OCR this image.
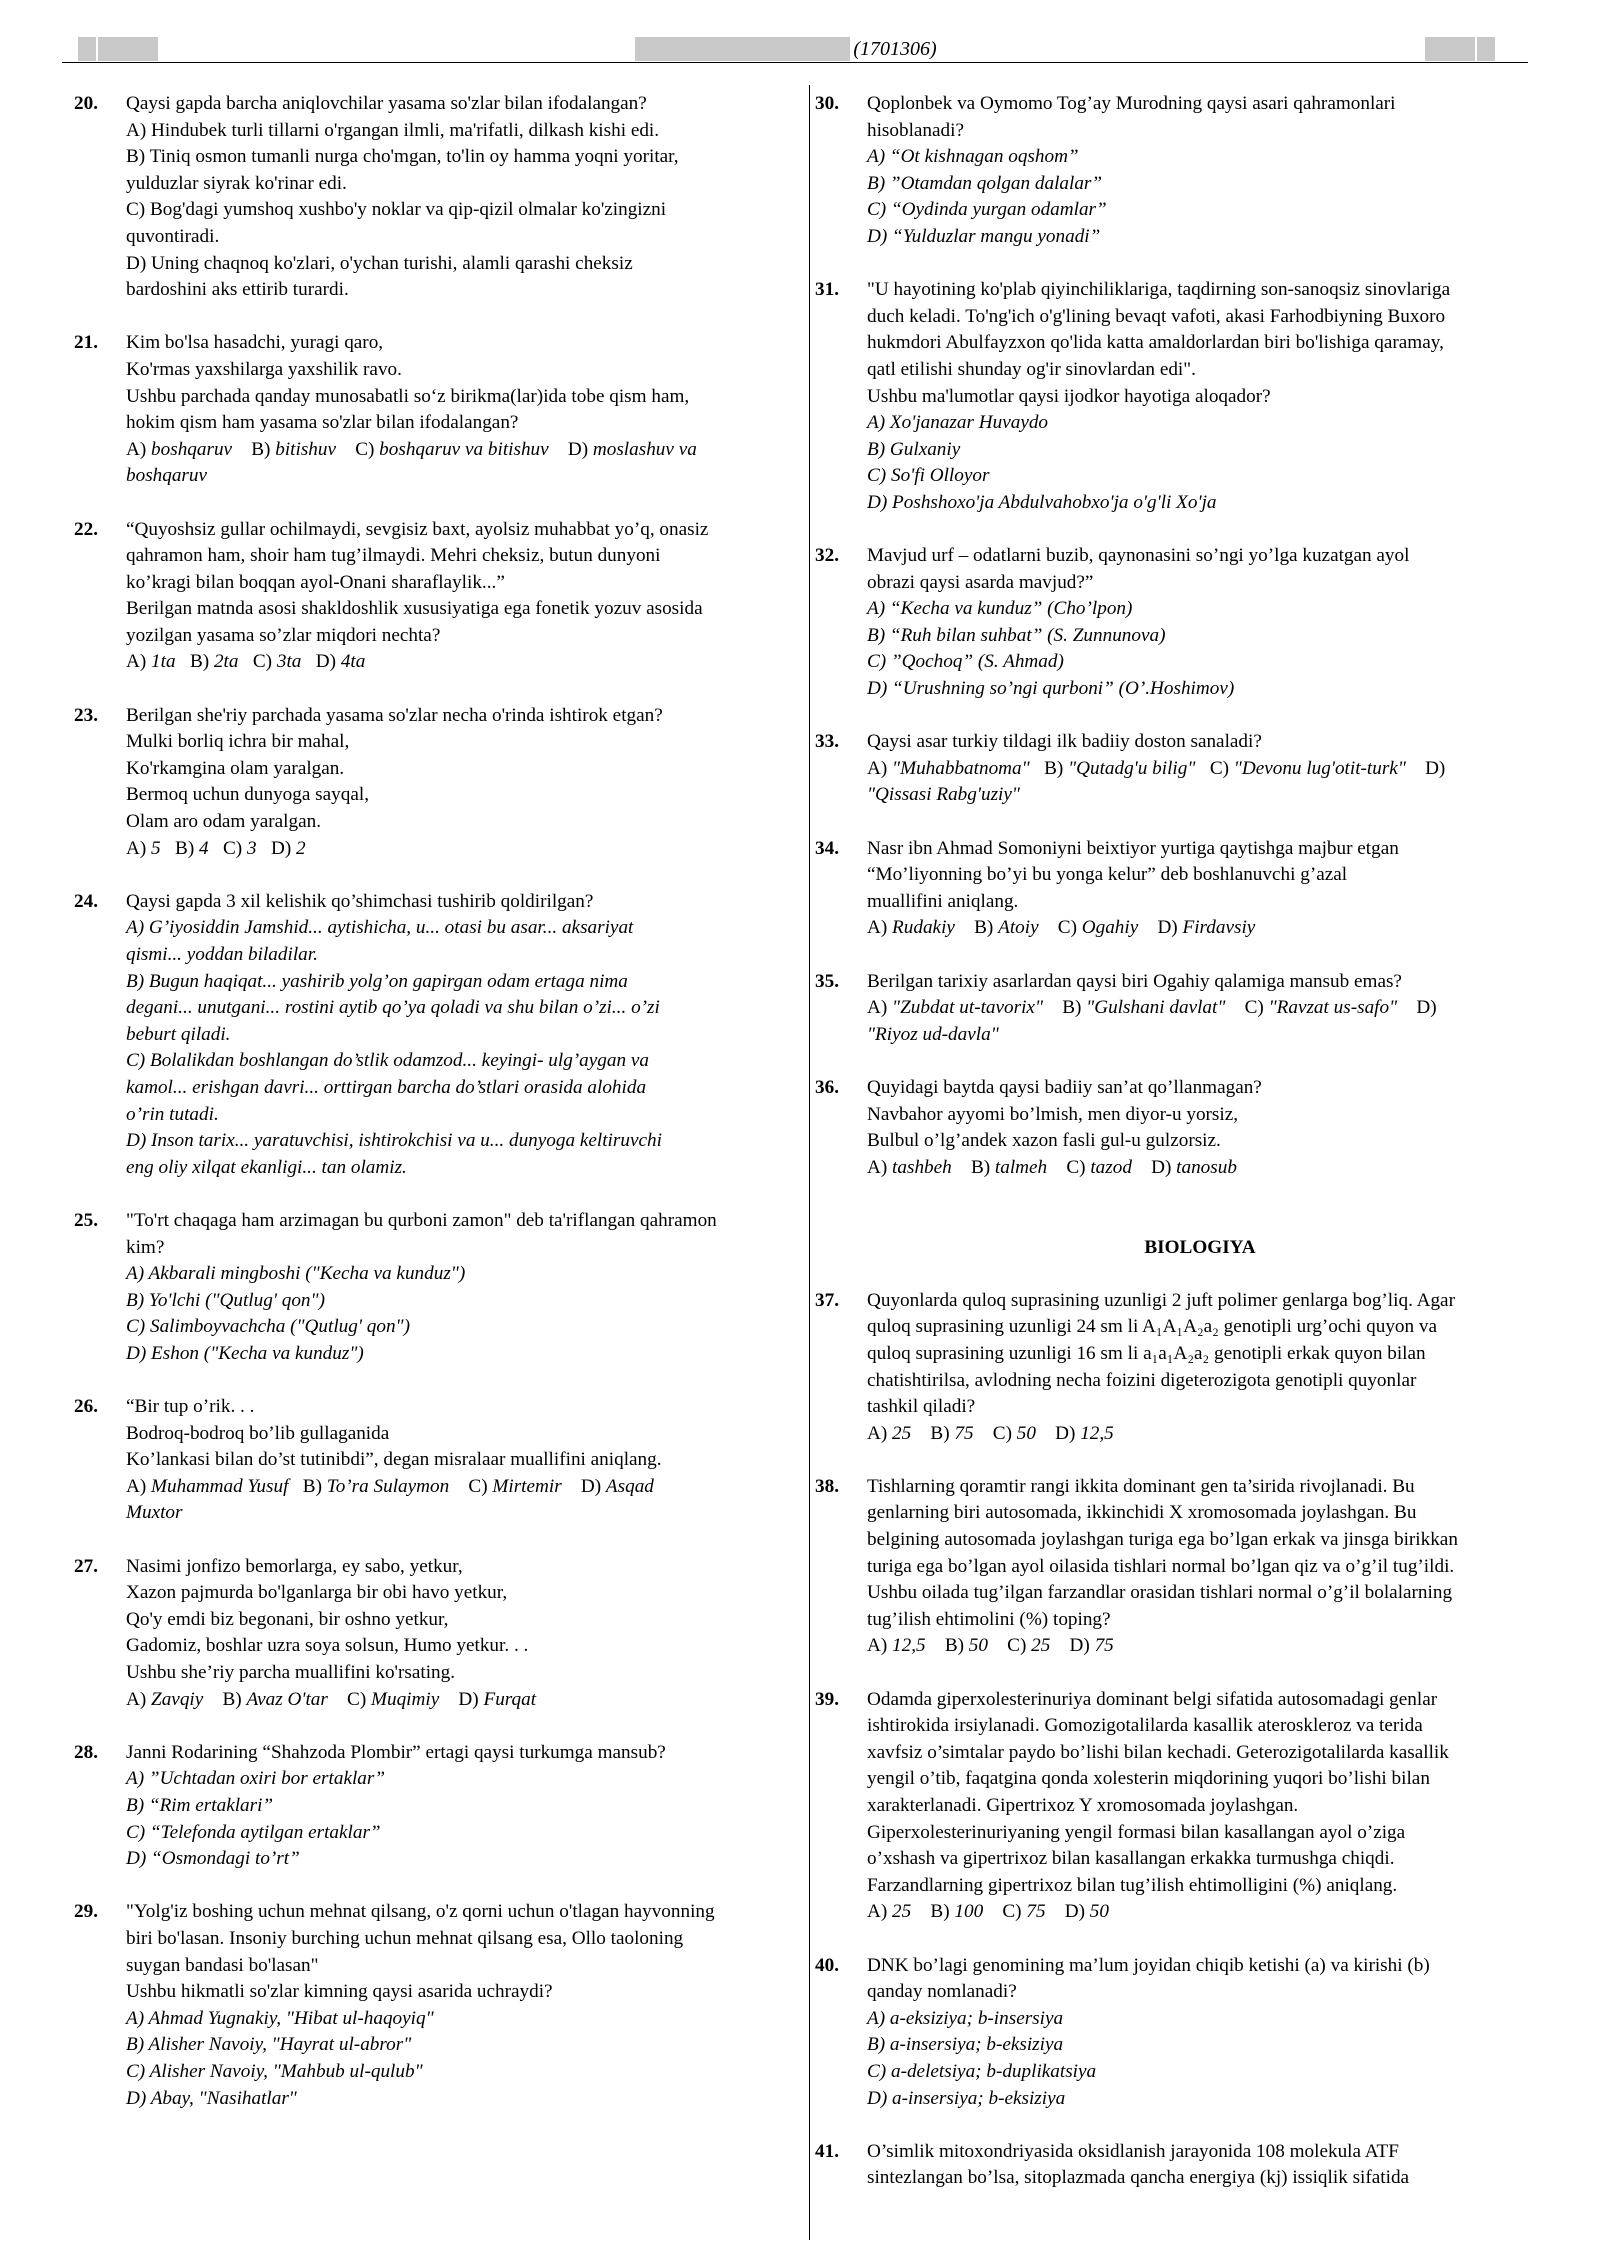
(1701306)
20.	Qaysi gapda barcha aniqlovchilar yasama so'zlar bilan ifodalangan?
A) Hindubek turli tillarni o'rgangan ilmli, ma'rifatli, dilkash kishi edi.
B) Tiniq osmon tumanli nurga cho'mgan, to'lin oy hamma yoqni yoritar,
yulduzlar siyrak ko'rinar edi.
C) Bog'dagi yumshoq xushbo'y noklar va qip-qizil olmalar ko'zingizni
quvontiradi.
D) Uning chaqnoq ko'zlari, o'ychan turishi, alamli qarashi cheksiz
bardoshini aks ettirib turardi.
21.	Kim bo'lsa hasadchi, yuragi qaro,
Ko'rmas yaxshilarga yaxshilik ravo.
Ushbu parchada qanday munosabatli so‘z birikma(lar)ida tobe qism ham,
hokim qism ham yasama so'zlar bilan ifodalangan?
A) boshqaruv B) bitishuv C) boshqaruv va bitishuv D) moslashuv va
boshqaruv
22.	“Quyoshsiz gullar ochilmaydi, sevgisiz baxt, ayolsiz muhabbat yo’q, onasiz
qahramon ham, shoir ham tug’ilmaydi. Mehri cheksiz, butun dunyoni
ko’kragi bilan boqqan ayol-Onani sharaflaylik...”
Berilgan matnda asosi shakldoshlik xususiyatiga ega fonetik yozuv asosida
yozilgan yasama so’zlar miqdori nechta?
A) 1ta B) 2ta C) 3ta D) 4ta
23.	Berilgan she'riy parchada yasama so'zlar necha o'rinda ishtirok etgan?
Mulki borliq ichra bir mahal,
Ko'rkamgina olam yaralgan.
Bermoq uchun dunyoga sayqal,
Olam aro odam yaralgan.
A) 5 B) 4 C) 3 D) 2
24.	Qaysi gapda 3 xil kelishik qo’shimchasi tushirib qoldirilgan?
A) G’iyosiddin Jamshid... aytishicha, u... otasi bu asar... aksariyat
qismi... yoddan biladilar.
B) Bugun haqiqat... yashirib yolg’on gapirgan odam ertaga nima
degani... unutgani... rostini aytib qo’ya qoladi va shu bilan o’zi... o’zi
beburt qiladi.
C) Bolalikdan boshlangan do’stlik odamzod... keyingi- ulg’aygan va
kamol... erishgan davri... orttirgan barcha do’stlari orasida alohida
o’rin tutadi.
D) Inson tarix... yaratuvchisi, ishtirokchisi va u... dunyoga keltiruvchi
eng oliy xilqat ekanligi... tan olamiz.
25.	"To'rt chaqaga ham arzimagan bu qurboni zamon" deb ta'riflangan qahramon
kim?
A) Akbarali mingboshi ("Kecha va kunduz")
B) Yo'lchi ("Qutlug' qon")
C) Salimboyvachcha ("Qutlug' qon")
D) Eshon ("Kecha va kunduz")
26.	“Bir tup o’rik. . .
Bodroq-bodroq bo’lib gullaganida
Ko’lankasi bilan do’st tutinibdi”, degan misralaar muallifini aniqlang.
A) Muhammad Yusuf B) To’ra Sulaymon C) Mirtemir D) Asqad
Muxtor
27.	Nasimi jonfizo bemorlarga, ey sabo, yetkur,
Xazon pajmurda bo'lganlarga bir obi havo yetkur,
Qo'y emdi biz begonani, bir oshno yetkur,
Gadomiz, boshlar uzra soya solsun, Humo yetkur. . .
Ushbu she’riy parcha muallifini ko'rsating.
A) Zavqiy B) Avaz O'tar C) Muqimiy D) Furqat
28.	Janni Rodarining “Shahzoda Plombir” ertagi qaysi turkumga mansub?
A) ”Uchtadan oxiri bor ertaklar”
B) “Rim ertaklari”
C) “Telefonda aytilgan ertaklar”
D) “Osmondagi to’rt”
29.	"Yolg'iz boshing uchun mehnat qilsang, o'z qorni uchun o'tlagan hayvonning
biri bo'lasan. Insoniy burching uchun mehnat qilsang esa, Ollo taoloning
suygan bandasi bo'lasan"
Ushbu hikmatli so'zlar kimning qaysi asarida uchraydi?
A) Ahmad Yugnakiy, "Hibat ul-haqoyiq"
B) Alisher Navoiy, "Hayrat ul-abror"
C) Alisher Navoiy, "Mahbub ul-qulub"
D) Abay, "Nasihatlar"
30.	Qoplonbek va Oymomo Tog’ay Murodning qaysi asari qahramonlari
hisoblanadi?
A) “Ot kishnagan oqshom”
B) ”Otamdan qolgan dalalar”
C) “Oydinda yurgan odamlar”
D) “Yulduzlar mangu yonadi”
31.	"U hayotining ko'plab qiyinchiliklariga, taqdirning son-sanoqsiz sinovlariga
duch keladi. To'ng'ich o'g'lining bevaqt vafoti, akasi Farhodbiyning Buxoro
hukmdori Abulfayzxon qo'lida katta amaldorlardan biri bo'lishiga qaramay,
qatl etilishi shunday og'ir sinovlardan edi".
Ushbu ma'lumotlar qaysi ijodkor hayotiga aloqador?
A) Xo'janazar Huvaydo
B) Gulxaniy
C) So'fi Olloyor
D) Poshshoxo'ja Abdulvahobxo'ja o'g'li Xo'ja
32.	Mavjud urf – odatlarni buzib, qaynonasini so’ngi yo’lga kuzatgan ayol
obrazi qaysi asarda mavjud?”
A) “Kecha va kunduz” (Cho’lpon)
B) “Ruh bilan suhbat” (S. Zunnunova)
C) ”Qochoq” (S. Ahmad)
D) “Urushning so’ngi qurboni” (O’.Hoshimov)
33.	Qaysi asar turkiy tildagi ilk badiiy doston sanaladi?
A) "Muhabbatnoma" B) "Qutadg'u bilig" C) "Devonu lug'otit-turk" D)
"Qissasi Rabg'uziy"
34.	Nasr ibn Ahmad Somoniyni beixtiyor yurtiga qaytishga majbur etgan
“Mo’liyonning bo’yi bu yonga kelur” deb boshlanuvchi g’azal
muallifini aniqlang.
A) Rudakiy B) Atoiy C) Ogahiy D) Firdavsiy
35.	Berilgan tarixiy asarlardan qaysi biri Ogahiy qalamiga mansub emas?
A) "Zubdat ut-tavorix" B) "Gulshani davlat" C) "Ravzat us-safo" D)
"Riyoz ud-davla"
36.	Quyidagi baytda qaysi badiiy san’at qo’llanmagan?
Navbahor ayyomi bo’lmish, men diyor-u yorsiz,
Bulbul o’lg’andek xazon fasli gul-u gulzorsiz.
A) tashbeh B) talmeh C) tazod D) tanosub
BIOLOGIYA
37.	Quyonlarda quloq suprasining uzunligi 2 juft polimer genlarga bog’liq. Agar
quloq suprasining uzunligi 24 sm li A₁A₁A₂a₂ genotipli urg’ochi quyon va
quloq suprasining uzunligi 16 sm li a₁a₁A₂a₂ genotipli erkak quyon bilan
chatishtirilsa, avlodning necha foizini digeterozigota genotipli quyonlar
tashkil qiladi?
A) 25 B) 75 C) 50 D) 12,5
38.	Tishlarning qoramtir rangi ikkita dominant gen ta’sirida rivojlanadi. Bu
genlarning biri autosomada, ikkinchidi X xromosomada joylashgan. Bu
belgining autosomada joylashgan turiga ega bo’lgan erkak va jinsga birikkan
turiga ega bo’lgan ayol oilasida tishlari normal bo’lgan qiz va o’g’il tug’ildi.
Ushbu oilada tug’ilgan farzandlar orasidan tishlari normal o’g’il bolalarning
tug’ilish ehtimolini (%) toping?
A) 12,5 B) 50 C) 25 D) 75
39.	Odamda giperxolesterinuriya dominant belgi sifatida autosomadagi genlar
ishtirokida irsiylanadi. Gomozigotalilarda kasallik ateroskleroz va terida
xavfsiz o’simtalar paydo bo’lishi bilan kechadi. Geterozigotalilarda kasallik
yengil o’tib, faqatgina qonda xolesterin miqdorining yuqori bo’lishi bilan
xarakterlanadi. Gipertrixoz Y xromosomada joylashgan.
Giperxolesterinuriyaning yengil formasi bilan kasallangan ayol o’ziga
o’xshash va gipertrixoz bilan kasallangan erkakka turmushga chiqdi.
Farzandlarning gipertrixoz bilan tug’ilish ehtimolligini (%) aniqlang.
A) 25 B) 100 C) 75 D) 50
40.	DNK bo’lagi genomining ma’lum joyidan chiqib ketishi (a) va kirishi (b)
qanday nomlanadi?
A) a-eksiziya; b-insersiya
B) a-insersiya; b-eksiziya
C) a-deletsiya; b-duplikatsiya
D) a-insersiya; b-eksiziya
41.	O’simlik mitoxondriyasida oksidlanish jarayonida 108 molekula ATF
sintezlangan bo’lsa, sitoplazmada qancha energiya (kj) issiqlik sifatida
